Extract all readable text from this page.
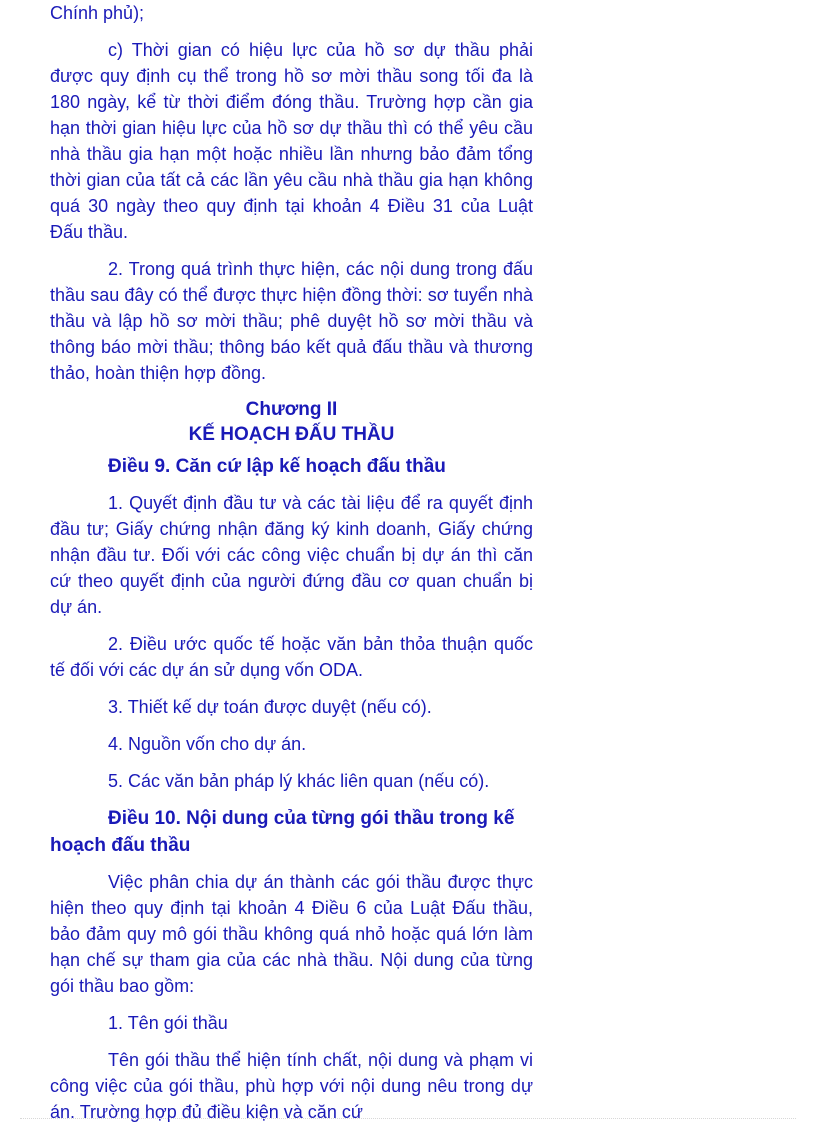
Chính phủ);

c) Thời gian có hiệu lực của hồ sơ dự thầu phải được quy định cụ thể trong hồ sơ mời thầu song tối đa là 180 ngày, kể từ thời điểm đóng thầu. Trường hợp cần gia hạn thời gian hiệu lực của hồ sơ dự thầu thì có thể yêu cầu nhà thầu gia hạn một hoặc nhiều lần nhưng bảo đảm tổng thời gian của tất cả các lần yêu cầu nhà thầu gia hạn không quá 30 ngày theo quy định tại khoản 4 Điều 31 của Luật Đấu thầu.

2. Trong quá trình thực hiện, các nội dung trong đấu thầu sau đây có thể được thực hiện đồng thời: sơ tuyển nhà thầu và lập hồ sơ mời thầu; phê duyệt hồ sơ mời thầu và thông báo mời thầu; thông báo kết quả đấu thầu và thương thảo, hoàn thiện hợp đồng.

Chương II

KẾ HOẠCH ĐẤU THẦU

Điều 9. Căn cứ lập kế hoạch đấu thầu

1. Quyết định đầu tư và các tài liệu để ra quyết định đầu tư; Giấy chứng nhận đăng ký kinh doanh, Giấy chứng nhận đầu tư. Đối với các công việc chuẩn bị dự án thì căn cứ theo quyết định của người đứng đầu cơ quan chuẩn bị dự án.

2. Điều ước quốc tế hoặc văn bản thỏa thuận quốc tế đối với các dự án sử dụng vốn ODA.

3. Thiết kế dự toán được duyệt (nếu có).

4. Nguồn vốn cho dự án.

5. Các văn bản pháp lý khác liên quan (nếu có).

Điều 10. Nội dung của từng gói thầu trong kế hoạch đấu thầu

Việc phân chia dự án thành các gói thầu được thực hiện theo quy định tại khoản 4 Điều 6 của Luật Đấu thầu, bảo đảm quy mô gói thầu không quá nhỏ hoặc quá lớn làm hạn chế sự tham gia của các nhà thầu. Nội dung của từng gói thầu bao gồm:

1. Tên gói thầu

Tên gói thầu thể hiện tính chất, nội dung và phạm vi công việc của gói thầu, phù hợp với nội dung nêu trong dự án. Trường hợp đủ điều kiện và căn cứ
